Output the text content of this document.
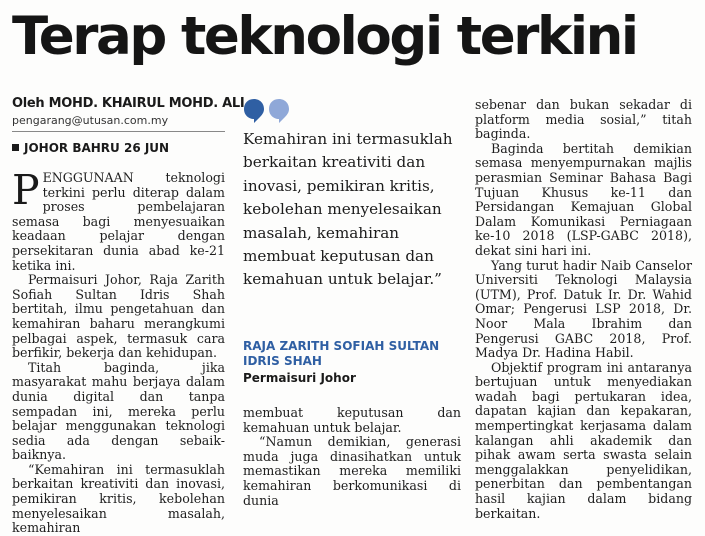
Terap teknologi terkini
Oleh MOHD. KHAIRUL MOHD. ALI
pengarang@utusan.com.my
JOHOR BAHRU 26 JUN

PENGGUNAAN teknologi terkini perlu diterap dalam proses pembelajaran semasa bagi menyesuaikan keadaan pelajar dengan persekitaran dunia abad ke-21 ketika ini.

Permaisuri Johor, Raja Zarith Sofiah Sultan Idris Shah bertitah, ilmu pengetahuan dan kemahiran baharu merangkumi pelbagai aspek, termasuk cara berfikir, bekerja dan kehidupan.

Titah baginda, jika masyarakat mahu berjaya dalam dunia digital dan tanpa sempadan ini, mereka perlu belajar menggunakan teknologi sedia ada dengan sebaik-baiknya.

“Kemahiran ini termasuklah berkaitan kreativiti dan inovasi, pemikiran kritis, kebolehan menyelesaikan masalah, kemahiran

Kemahiran ini termasuklah berkaitan kreativiti dan inovasi, pemikiran kritis, kebolehan menyelesaikan masalah, kemahiran membuat keputusan dan kemahuan untuk belajar.”

RAJA ZARITH SOFIAH SULTAN IDRIS SHAH
Permaisuri Johor

membuat keputusan dan kemahuan untuk belajar.

“Namun demikian, generasi muda juga dinasihatkan untuk memastikan mereka memiliki kemahiran berkomunikasi di dunia

sebenar dan bukan sekadar di platform media sosial,” titah baginda.

Baginda bertitah demikian semasa menyempurnakan majlis perasmian Seminar Bahasa Bagi Tujuan Khusus ke-11 dan Persidangan Kemajuan Global Dalam Komunikasi Perniagaan ke-10 2018 (LSP-GABC 2018), dekat sini hari ini.

Yang turut hadir Naib Canselor Universiti Teknologi Malaysia (UTM), Prof. Datuk Ir. Dr. Wahid Omar; Pengerusi LSP 2018, Dr. Noor Mala Ibrahim dan Pengerusi GABC 2018, Prof. Madya Dr. Hadina Habil.

Objektif program ini antaranya bertujuan untuk menyediakan wadah bagi pertukaran idea, dapatan kajian dan kepakaran, mempertingkat kerjasama dalam kalangan ahli akademik dan pihak awam serta swasta selain menggalakkan penyelidikan, penerbitan dan pembentangan hasil kajian dalam bidang berkaitan.
